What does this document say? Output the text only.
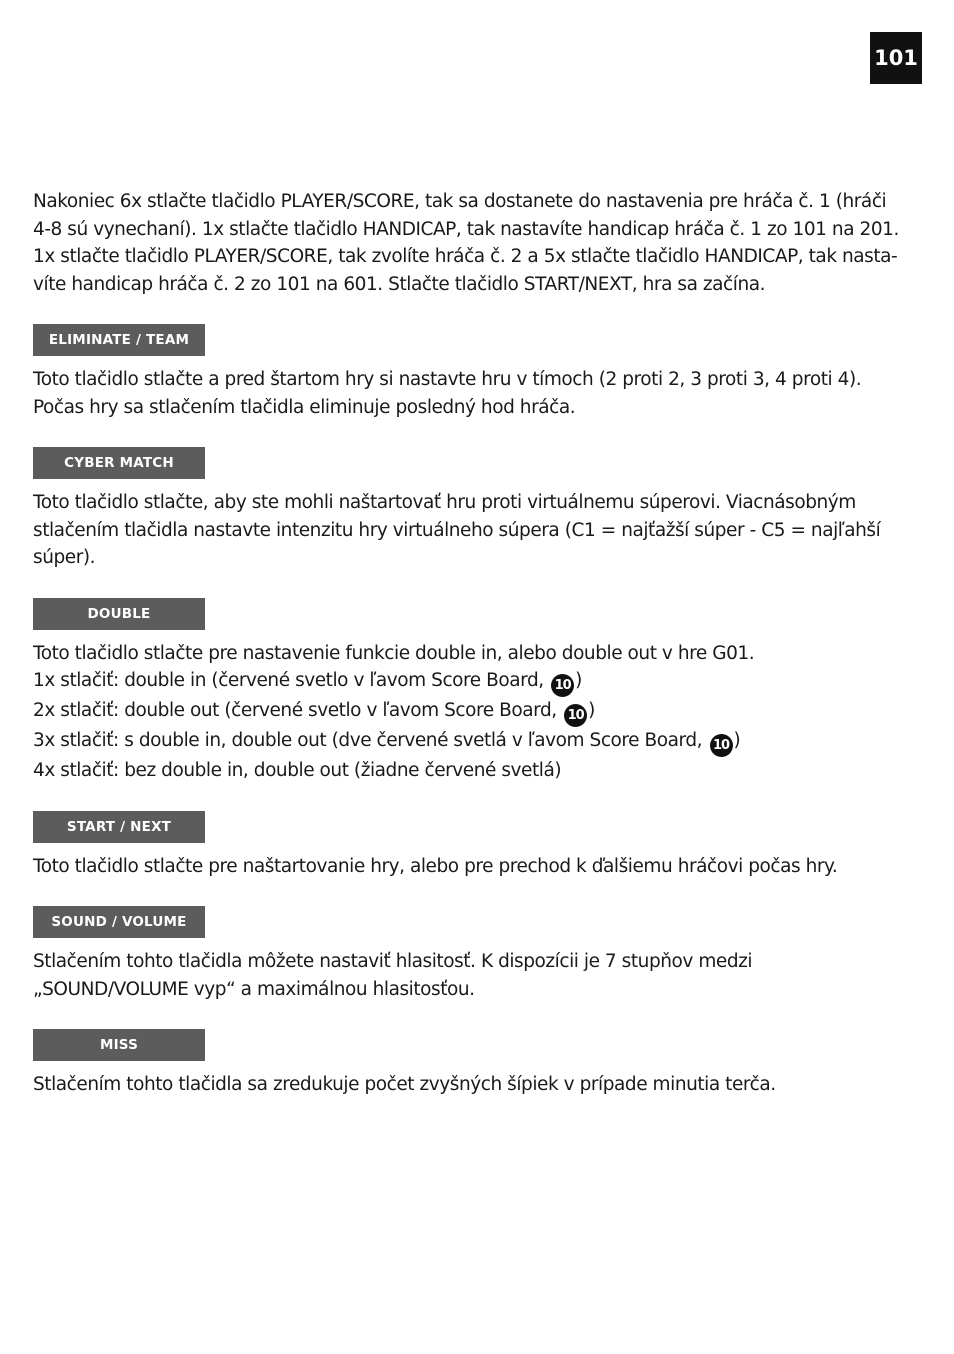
101

Nakoniec 6x stlačte tlačidlo PLAYER/SCORE, tak sa dostanete do nastavenia pre hráča č. 1 (hráči
4-8 sú vynechaní). 1x stlačte tlačidlo HANDICAP, tak nastavíte handicap hráča č. 1 zo 101 na 201.
1x stlačte tlačidlo PLAYER/SCORE, tak zvolíte hráča č. 2 a 5x stlačte tlačidlo HANDICAP, tak nasta-
víte handicap hráča č. 2 zo 101 na 601. Stlačte tlačidlo START/NEXT, hra sa začína.

ELIMINATE / TEAM

Toto tlačidlo stlačte a pred štartom hry si nastavte hru v tímoch (2 proti 2, 3 proti 3, 4 proti 4).
Počas hry sa stlačením tlačidla eliminuje posledný hod hráča.

CYBER MATCH

Toto tlačidlo stlačte, aby ste mohli naštartovať hru proti virtuálnemu súperovi. Viacnásobným
stlačením tlačidla nastavte intenzitu hry virtuálneho súpera (C1 = najťažší súper - C5 = najľahší
súper).

DOUBLE

Toto tlačidlo stlačte pre nastavenie funkcie double in, alebo double out v hre G01.
1x stlačiť: double in (červené svetlo v ľavom Score Board, 10 )
2x stlačiť: double out (červené svetlo v ľavom Score Board, 10 )
3x stlačiť: s double in, double out (dve červené svetlá v ľavom Score Board, 10 )
4x stlačiť: bez double in, double out (žiadne červené svetlá)

START / NEXT

Toto tlačidlo stlačte pre naštartovanie hry, alebo pre prechod k ďalšiemu hráčovi počas hry.

SOUND / VOLUME

Stlačením tohto tlačidla môžete nastaviť hlasitosť. K dispozícii je 7 stupňov medzi
„SOUND/VOLUME vyp“ a maximálnou hlasitosťou.

MISS

Stlačením tohto tlačidla sa zredukuje počet zvyšných šípiek v prípade minutia terča.
